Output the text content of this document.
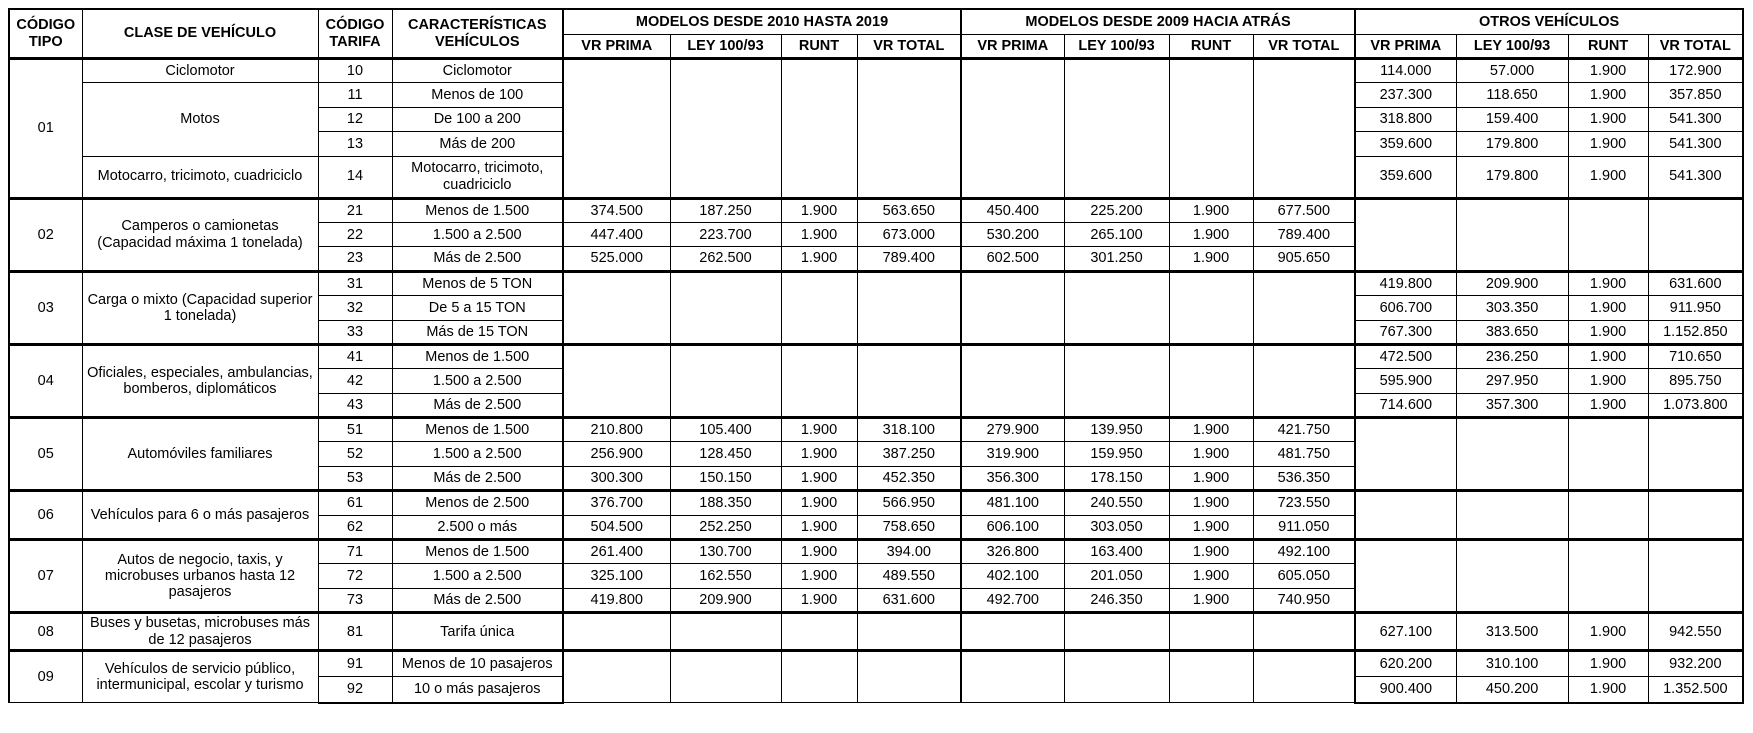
CÓDIGO TIPO	CLASE DE VEHÍCULO	CÓDIGO TARIFA	CARACTERÍSTICAS VEHÍCULOS	MODELOS DESDE 2010 HASTA 2019				MODELOS DESDE 2009 HACIA ATRÁS				OTROS VEHÍCULOS			
				VR PRIMA	LEY 100/93	RUNT	VR TOTAL	VR PRIMA	LEY 100/93	RUNT	VR TOTAL	VR PRIMA	LEY 100/93	RUNT	VR TOTAL
01	Ciclomotor	10	Ciclomotor									114.000	57.000	1.900	172.900
	Motos	11	Menos de 100									237.300	118.650	1.900	357.850
		12	De 100 a 200									318.800	159.400	1.900	541.300
		13	Más de 200									359.600	179.800	1.900	541.300
	Motocarro, tricimoto, cuadriciclo	14	Motocarro, tricimoto, cuadriciclo									359.600	179.800	1.900	541.300
02	Camperos o camionetas (Capacidad máxima 1 tonelada)	21	Menos de 1.500	374.500	187.250	1.900	563.650	450.400	225.200	1.900	677.500				
		22	1.500 a 2.500	447.400	223.700	1.900	673.000	530.200	265.100	1.900	789.400				
		23	Más de 2.500	525.000	262.500	1.900	789.400	602.500	301.250	1.900	905.650				
03	Carga o mixto (Capacidad superior 1 tonelada)	31	Menos de 5 TON									419.800	209.900	1.900	631.600
		32	De 5 a 15 TON									606.700	303.350	1.900	911.950
		33	Más de 15 TON									767.300	383.650	1.900	1.152.850
04	Oficiales, especiales, ambulancias, bomberos, diplomáticos	41	Menos de 1.500									472.500	236.250	1.900	710.650
		42	1.500 a 2.500									595.900	297.950	1.900	895.750
		43	Más de 2.500									714.600	357.300	1.900	1.073.800
05	Automóviles familiares	51	Menos de 1.500	210.800	105.400	1.900	318.100	279.900	139.950	1.900	421.750				
		52	1.500 a 2.500	256.900	128.450	1.900	387.250	319.900	159.950	1.900	481.750				
		53	Más de 2.500	300.300	150.150	1.900	452.350	356.300	178.150	1.900	536.350				
06	Vehículos para 6 o más pasajeros	61	Menos de 2.500	376.700	188.350	1.900	566.950	481.100	240.550	1.900	723.550				
		62	2.500 o más	504.500	252.250	1.900	758.650	606.100	303.050	1.900	911.050				
07	Autos de negocio, taxis, y microbuses urbanos hasta 12 pasajeros	71	Menos de 1.500	261.400	130.700	1.900	394.00	326.800	163.400	1.900	492.100				
		72	1.500 a 2.500	325.100	162.550	1.900	489.550	402.100	201.050	1.900	605.050				
		73	Más de 2.500	419.800	209.900	1.900	631.600	492.700	246.350	1.900	740.950				
08	Buses y busetas, microbuses más de 12 pasajeros	81	Tarifa única									627.100	313.500	1.900	942.550
09	Vehículos de servicio público, intermunicipal, escolar y turismo	91	Menos de 10 pasajeros									620.200	310.100	1.900	932.200
		92	10 o más pasajeros									900.400	450.200	1.900	1.352.500
